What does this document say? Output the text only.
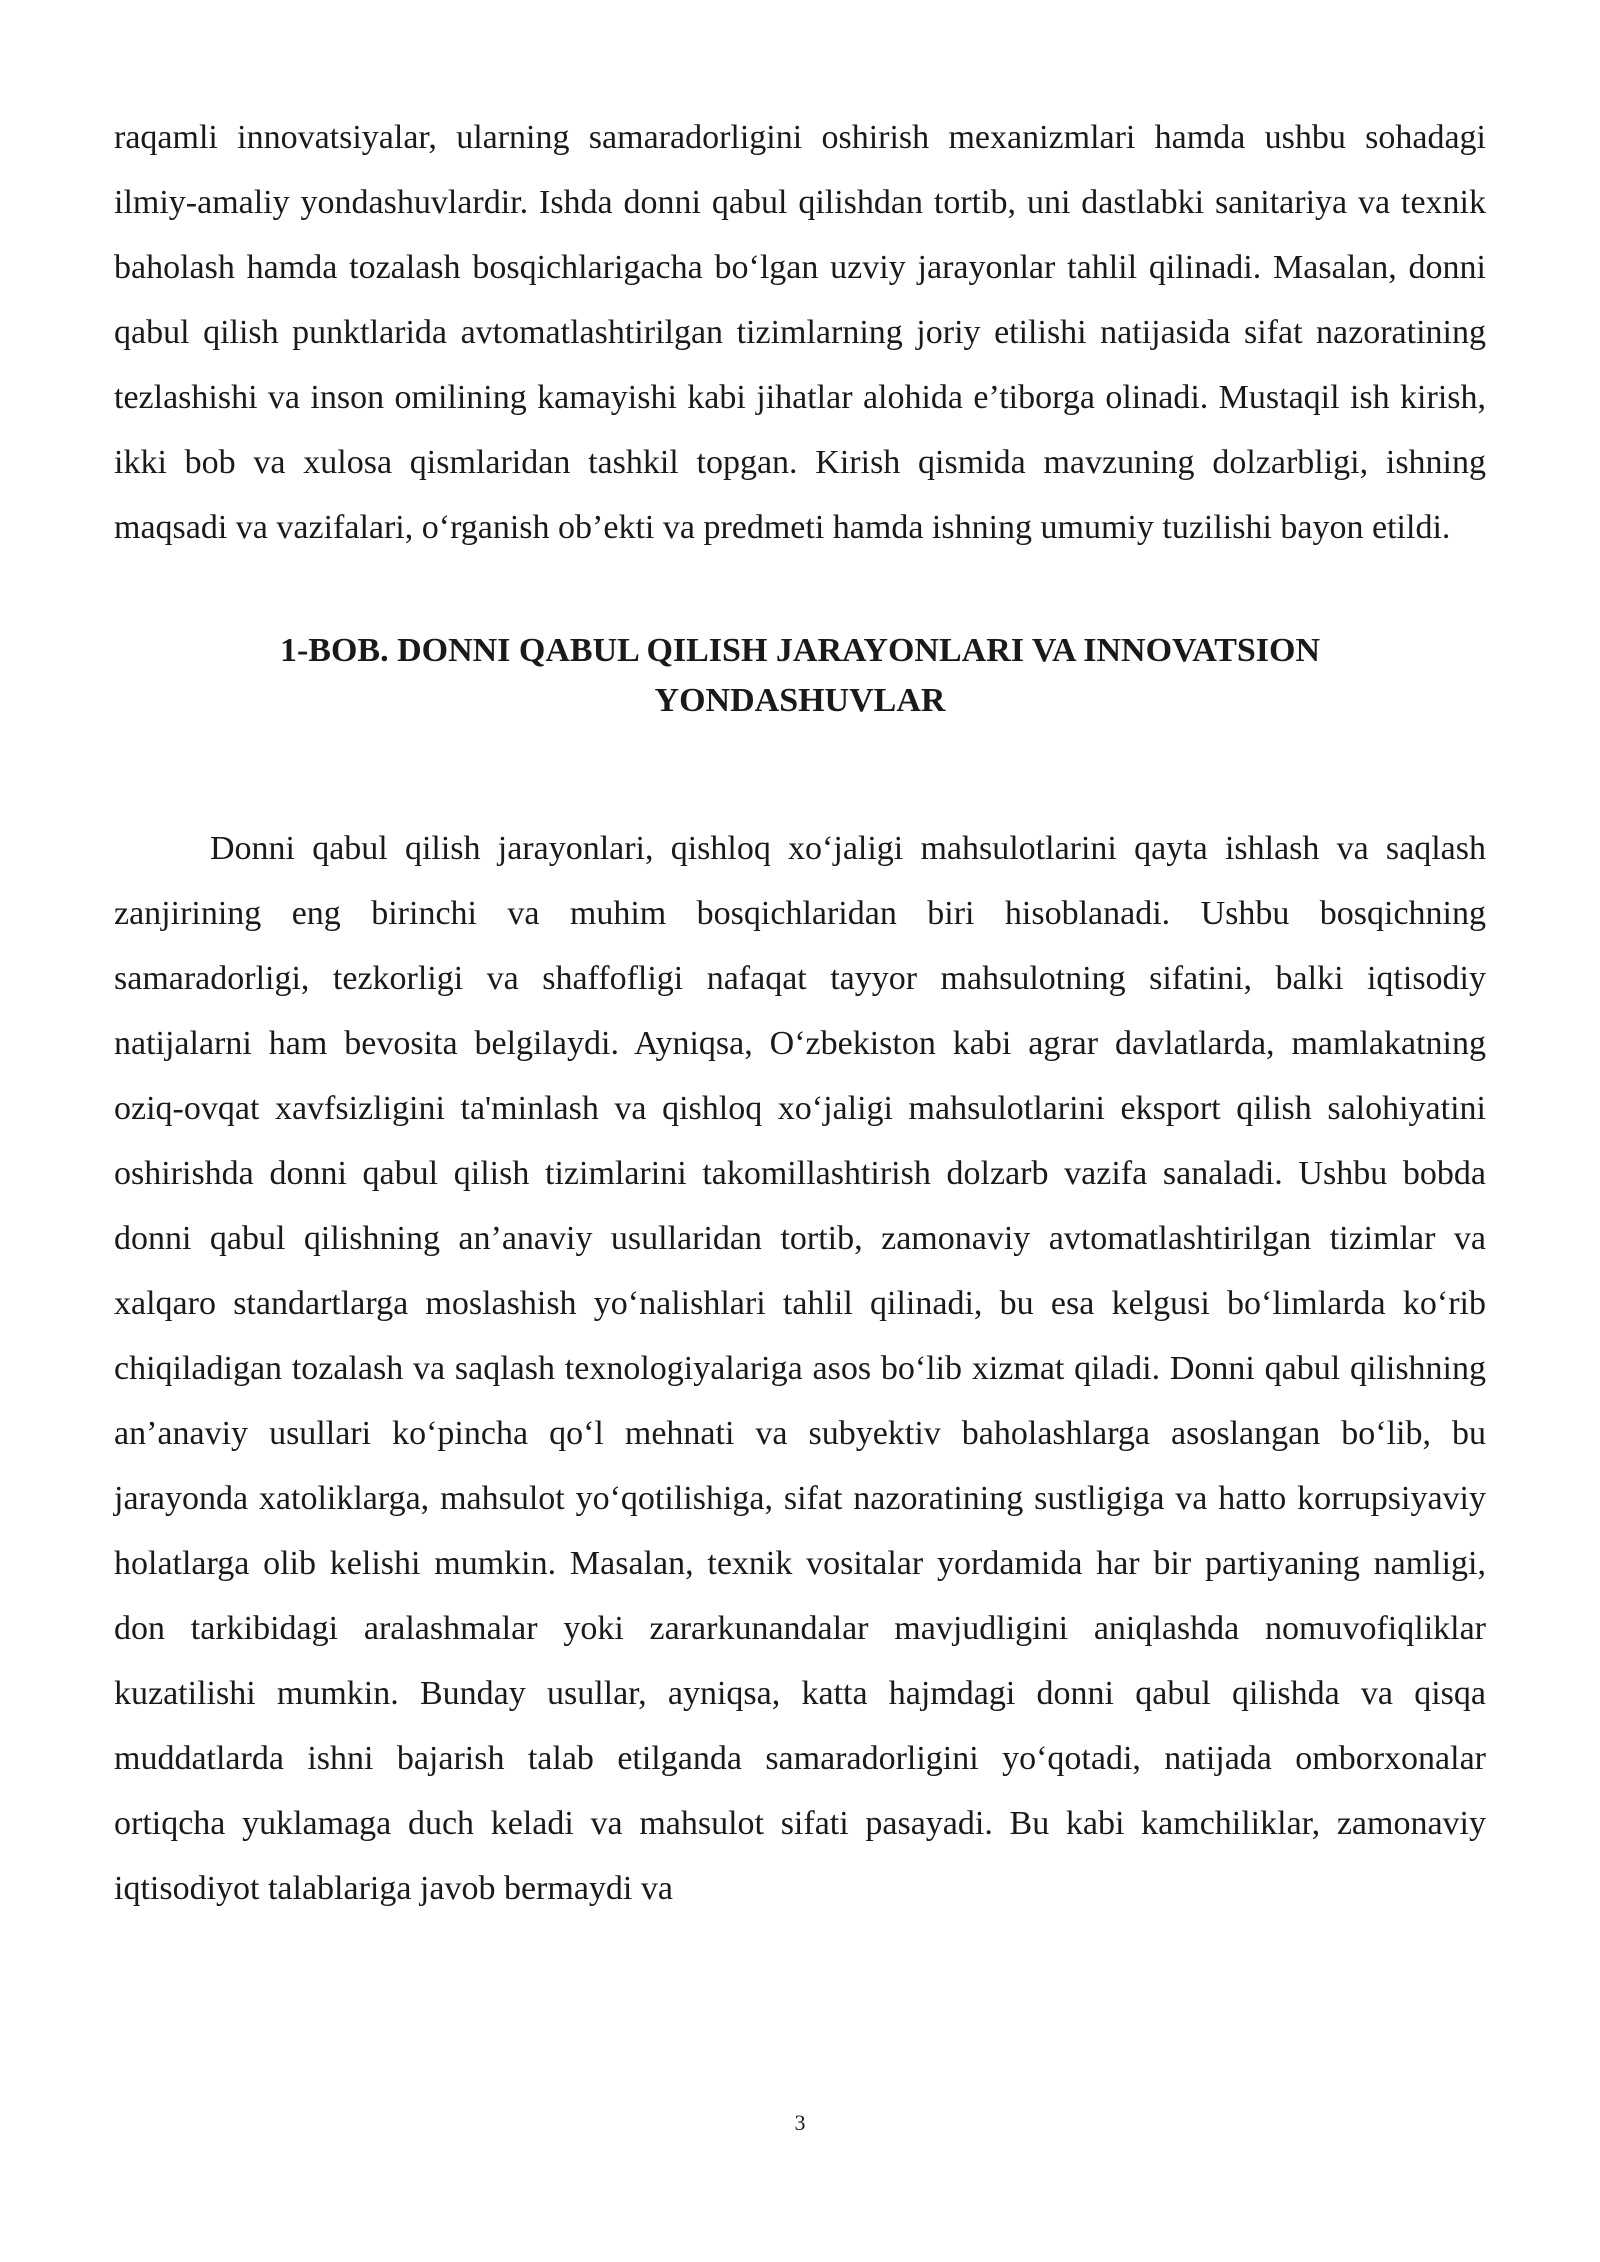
raqamli innovatsiyalar, ularning samaradorligini oshirish mexanizmlari hamda ushbu sohadagi ilmiy-amaliy yondashuvlardir. Ishda donni qabul qilishdan tortib, uni dastlabki sanitariya va texnik baholash hamda tozalash bosqichlarigacha boʻlgan uzviy jarayonlar tahlil qilinadi. Masalan, donni qabul qilish punktlarida avtomatlashtirilgan tizimlarning joriy etilishi natijasida sifat nazoratining tezlashishi va inson omilining kamayishi kabi jihatlar alohida e’tiborga olinadi. Mustaqil ish kirish, ikki bob va xulosa qismlaridan tashkil topgan. Kirish qismida mavzuning dolzarbligi, ishning maqsadi va vazifalari, oʻrganish ob’ekti va predmeti hamda ishning umumiy tuzilishi bayon etildi.

1-BOB. DONNI QABUL QILISH JARAYONLARI VA INNOVATSION YONDASHUVLAR

Donni qabul qilish jarayonlari, qishloq xoʻjaligi mahsulotlarini qayta ishlash va saqlash zanjirining eng birinchi va muhim bosqichlaridan biri hisoblanadi. Ushbu bosqichning samaradorligi, tezkorligi va shaffofligi nafaqat tayyor mahsulotning sifatini, balki iqtisodiy natijalarni ham bevosita belgilaydi. Ayniqsa, Oʻzbekiston kabi agrar davlatlarda, mamlakatning oziq-ovqat xavfsizligini ta'minlash va qishloq xoʻjaligi mahsulotlarini eksport qilish salohiyatini oshirishda donni qabul qilish tizimlarini takomillashtirish dolzarb vazifa sanaladi. Ushbu bobda donni qabul qilishning an’anaviy usullaridan tortib, zamonaviy avtomatlashtirilgan tizimlar va xalqaro standartlarga moslashish yoʻnalishlari tahlil qilinadi, bu esa kelgusi boʻlimlarda koʻrib chiqiladigan tozalash va saqlash texnologiyalariga asos boʻlib xizmat qiladi. Donni qabul qilishning an’anaviy usullari koʻpincha qoʻl mehnati va subyektiv baholashlarga asoslangan boʻlib, bu jarayonda xatoliklarga, mahsulot yoʻqotilishiga, sifat nazoratining sustligiga va hatto korrupsiyaviy holatlarga olib kelishi mumkin. Masalan, texnik vositalar yordamida har bir partiyaning namligi, don tarkibidagi aralashmalar yoki zararkunandalar mavjudligini aniqlashda nomuvofiqliklar kuzatilishi mumkin. Bunday usullar, ayniqsa, katta hajmdagi donni qabul qilishda va qisqa muddatlarda ishni bajarish talab etilganda samaradorligini yoʻqotadi, natijada omborxonalar ortiqcha yuklamaga duch keladi va mahsulot sifati pasayadi. Bu kabi kamchiliklar, zamonaviy iqtisodiyot talablariga javob bermaydi va

3
